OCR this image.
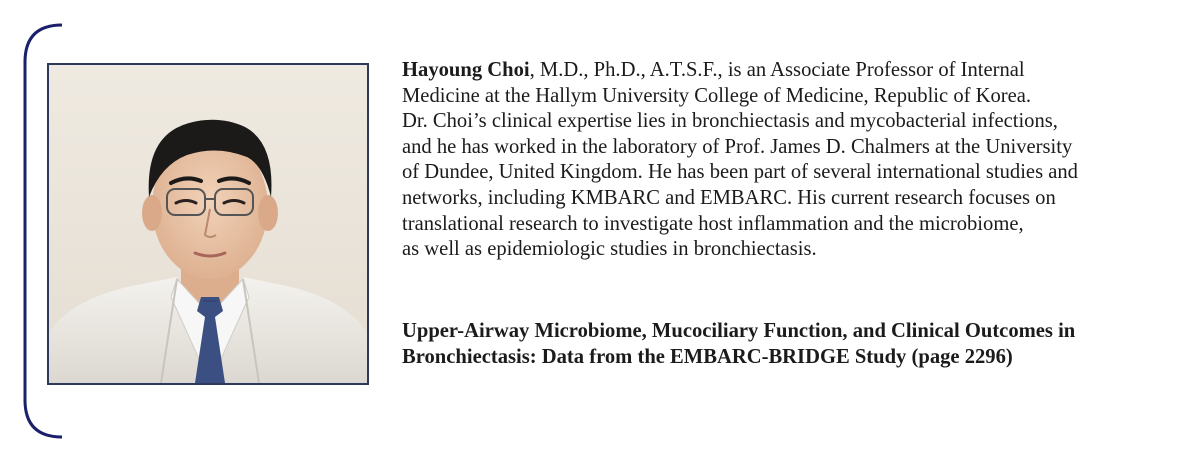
Hayoung Choi, M.D., Ph.D., A.T.S.F., is an Associate Professor of Internal
Medicine at the Hallym University College of Medicine, Republic of Korea.
Dr. Choi’s clinical expertise lies in bronchiectasis and mycobacterial infections,
and he has worked in the laboratory of Prof. James D. Chalmers at the University
of Dundee, United Kingdom. He has been part of several international studies and
networks, including KMBARC and EMBARC. His current research focuses on
translational research to investigate host inflammation and the microbiome,
as well as epidemiologic studies in bronchiectasis.

Upper-Airway Microbiome, Mucociliary Function, and Clinical Outcomes in
Bronchiectasis: Data from the EMBARC-BRIDGE Study (page 2296)
